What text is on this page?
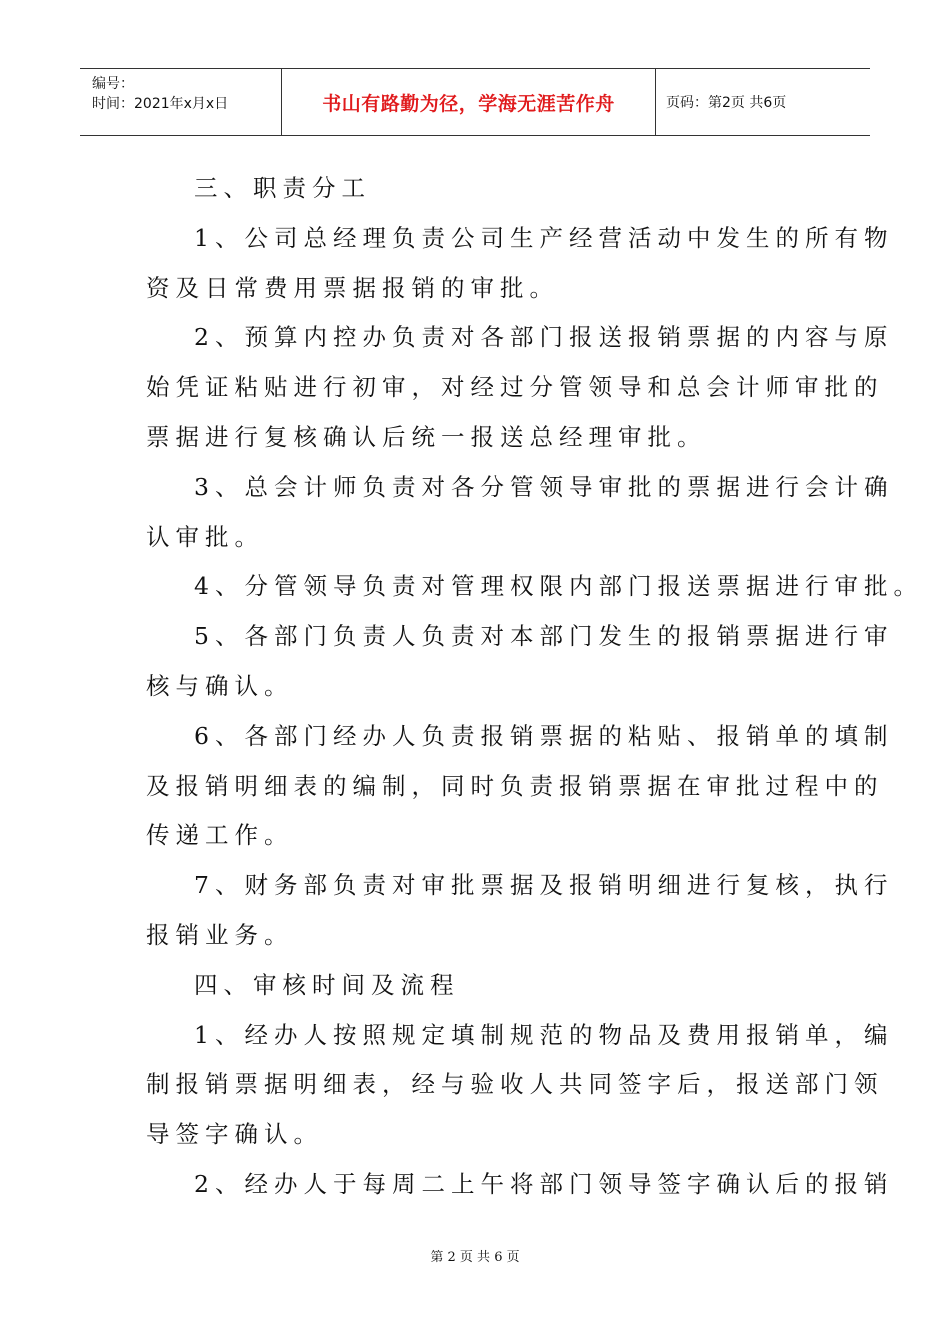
编号：
时间：2021年x月x日	书山有路勤为径，学海无涯苦作舟	页码：第2页 共6页
三、职责分工
1、公司总经理负责公司生产经营活动中发生的所有物
资及日常费用票据报销的审批。
2、预算内控办负责对各部门报送报销票据的内容与原
始凭证粘贴进行初审，对经过分管领导和总会计师审批的
票据进行复核确认后统一报送总经理审批。
3、总会计师负责对各分管领导审批的票据进行会计确
认审批。
4、分管领导负责对管理权限内部门报送票据进行审批。
5、各部门负责人负责对本部门发生的报销票据进行审
核与确认。
6、各部门经办人负责报销票据的粘贴、报销单的填制
及报销明细表的编制，同时负责报销票据在审批过程中的
传递工作。
7、财务部负责对审批票据及报销明细进行复核，执行
报销业务。
四、审核时间及流程
1、经办人按照规定填制规范的物品及费用报销单，编
制报销票据明细表，经与验收人共同签字后，报送部门领
导签字确认。
2、经办人于每周二上午将部门领导签字确认后的报销
第 2 页 共 6 页
